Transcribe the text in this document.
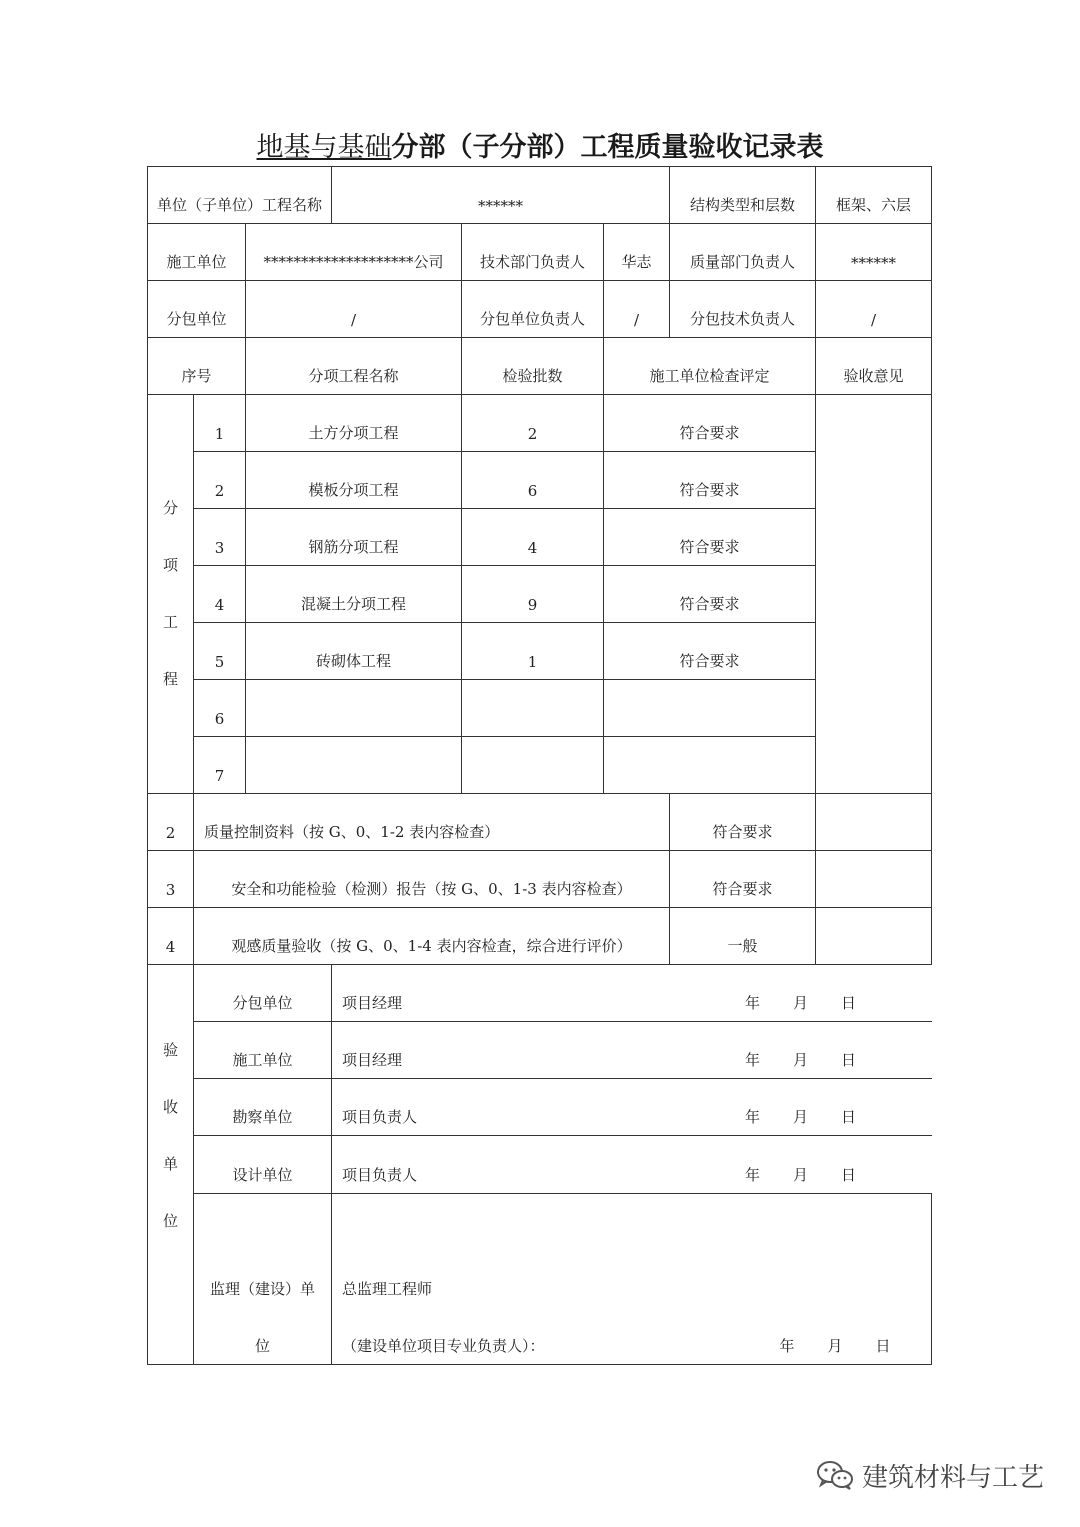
地基与基础分部（子分部）工程质量验收记录表
单位（子单位）工程名称			******			结构类型和层数	框架、六层
施工单位		********************公司		技术部门负责人	华志	质量部门负责人	******
分包单位		/		分包单位负责人	/	分包技术负责人	/
序号		分项工程名称		检验批数	施工单位检查评定		验收意见

分
项
工
程	1	土方分项工程		2	符合要求		
	2	模板分项工程		6	符合要求		
	3	钢筋分项工程		4	符合要求		
	4	混凝土分项工程		9	符合要求		
	5	砖砌体工程		1	符合要求		
	6						
	7						
2	质量控制资料（按 G、0、1-2 表内容检查）					符合要求	
3	安全和功能检验（检测）报告（按 G、0、1-3 表内容检查）					符合要求	
4	观感质量验收（按 G、0、1-4 表内容检查，综合进行评价）					一般	

验
收
单
位	分包单位		项目经理			年 月 日	
	施工单位		项目经理			年 月 日	
	勘察单位		项目负责人			年 月 日	
	设计单位		项目负责人			年 月 日	

	监理（建设）单		总监理工程师				
	位		（建设单位项目专业负责人）：			年 月 日	
建筑材料与工艺
